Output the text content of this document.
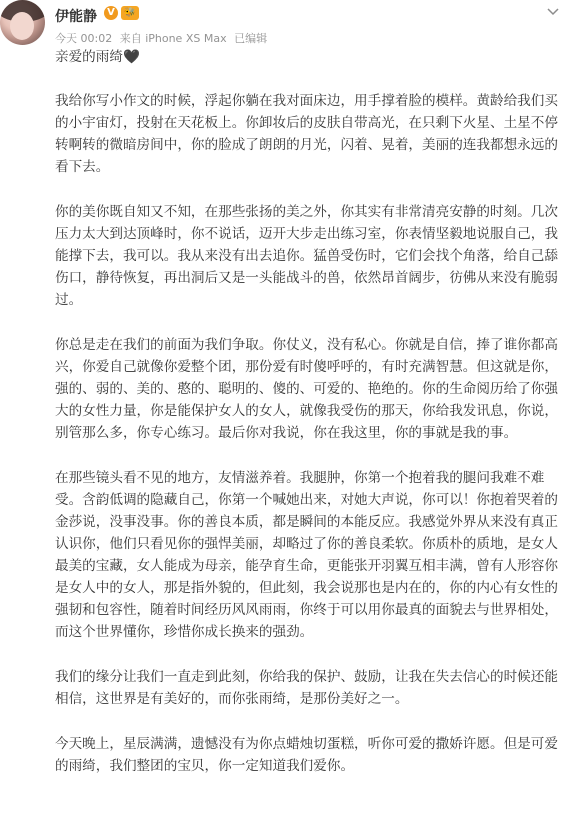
伊能静	V	🐝
今天 00:02 来自 iPhone XS Max 已编辑

亲爱的雨绮🖤

我给你写小作文的时候，浮起你躺在我对面床边，用手撑着脸的模样。黄龄给我们买的小宇宙灯，投射在天花板上。你卸妆后的皮肤自带高光，在只剩下火星、土星不停转啊转的微暗房间中，你的脸成了朗朗的月光，闪着、晃着，美丽的连我都想永远的看下去。

你的美你既自知又不知，在那些张扬的美之外，你其实有非常清亮安静的时刻。几次压力太大到达顶峰时，你不说话，迈开大步走出练习室，你表情坚毅地说服自己，我能撑下去，我可以。我从来没有出去追你。猛兽受伤时，它们会找个角落，给自己舔伤口，静待恢复，再出洞后又是一头能战斗的兽，依然昂首阔步，彷佛从来没有脆弱过。

你总是走在我们的前面为我们争取。你仗义，没有私心。你就是自信，捧了谁你都高兴，你爱自己就像你爱整个团，那份爱有时傻呼呼的，有时充满智慧。但这就是你，强的、弱的、美的、憨的、聪明的、傻的、可爱的、艳绝的。你的生命阅历给了你强大的女性力量，你是能保护女人的女人，就像我受伤的那天，你给我发讯息，你说，别管那么多，你专心练习。最后你对我说，你在我这里，你的事就是我的事。

在那些镜头看不见的地方，友情滋养着。我腿肿，你第一个抱着我的腿问我难不难受。含韵低调的隐藏自己，你第一个喊她出来，对她大声说，你可以！你抱着哭着的金莎说，没事没事。你的善良本质，都是瞬间的本能反应。我感觉外界从来没有真正认识你，他们只看见你的强悍美丽，却略过了你的善良柔软。你质朴的质地，是女人最美的宝藏，女人能成为母亲，能孕育生命，更能张开羽翼互相丰满，曾有人形容你是女人中的女人，那是指外貌的，但此刻，我会说那也是内在的，你的内心有女性的强韧和包容性，随着时间经历风风雨雨，你终于可以用你最真的面貌去与世界相处，而这个世界懂你，珍惜你成长换来的强劲。

我们的缘分让我们一直走到此刻，你给我的保护、鼓励，让我在失去信心的时候还能相信，这世界是有美好的，而你张雨绮，是那份美好之一。

今天晚上，星辰满满，遗憾没有为你点蜡烛切蛋糕，听你可爱的撒娇许愿。但是可爱的雨绮，我们整团的宝贝，你一定知道我们爱你。
